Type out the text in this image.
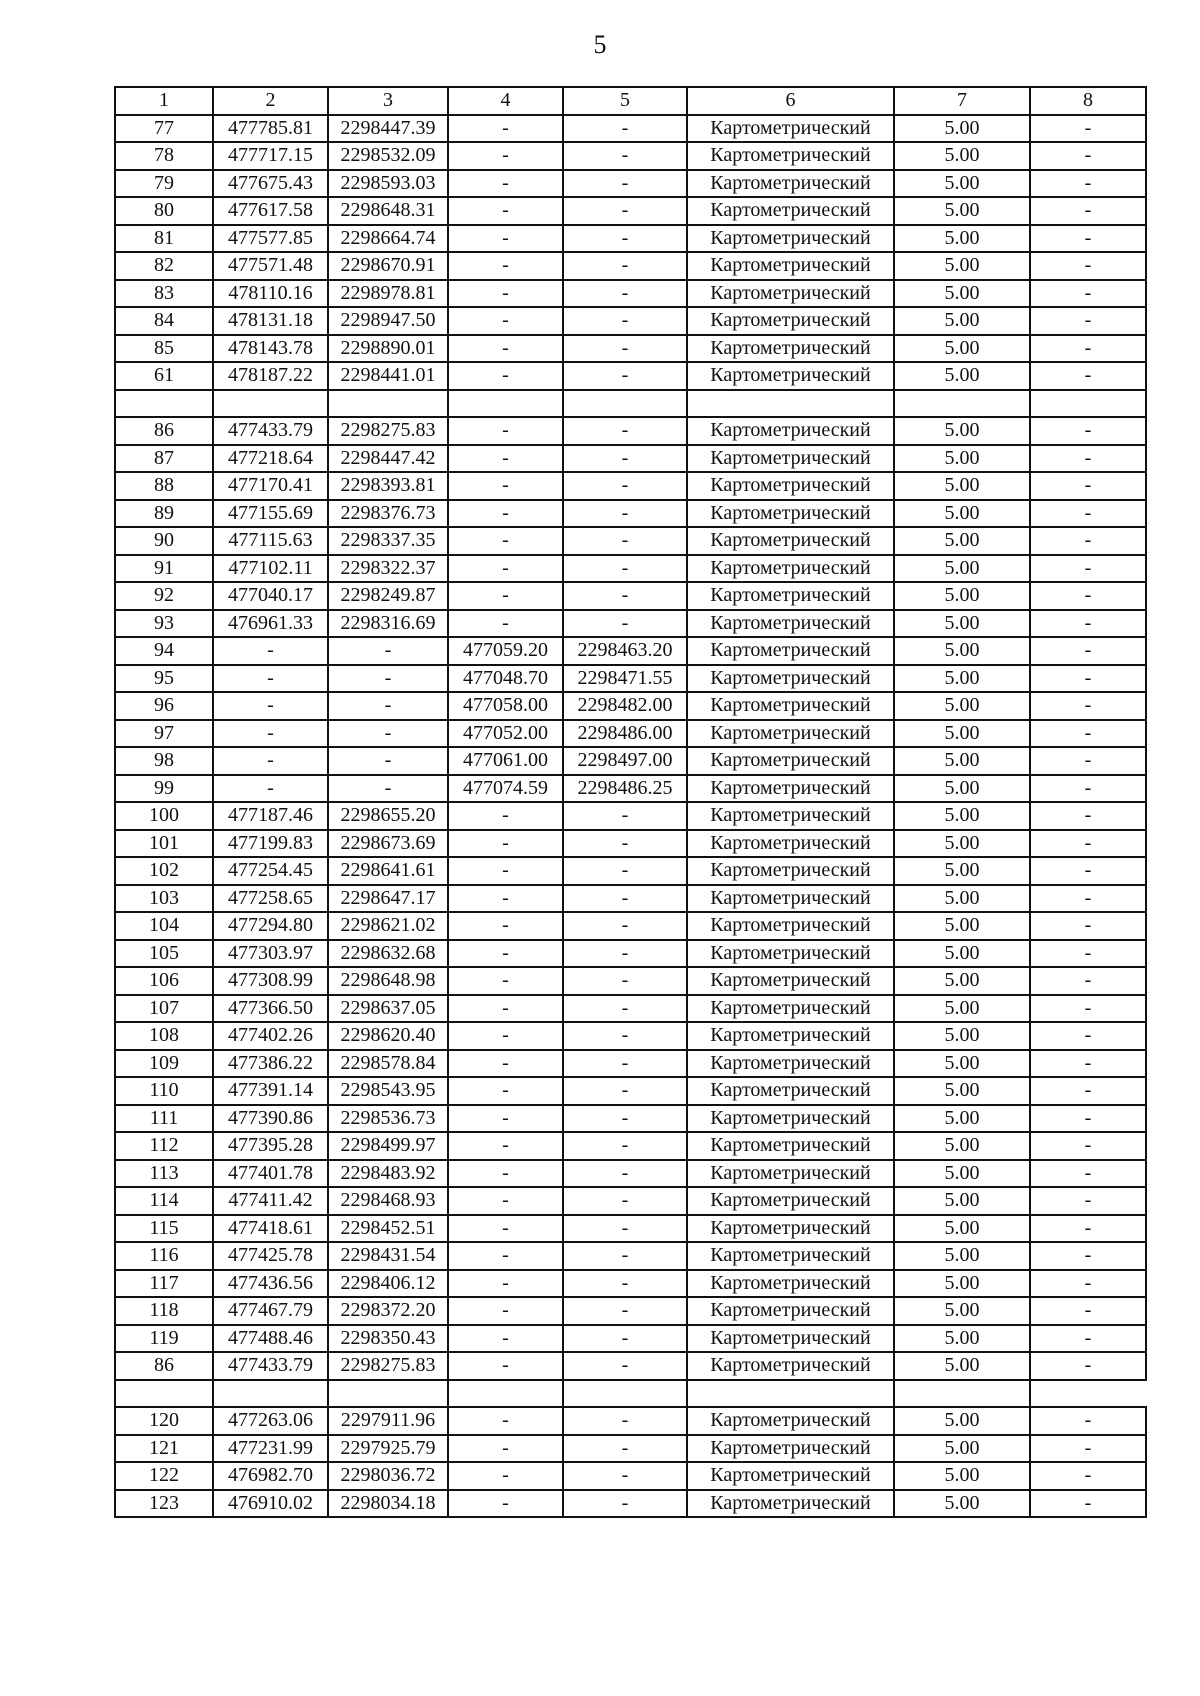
5
1	2	3	4	5	6	7	8
77	477785.81	2298447.39	-	-	Картометрический	5.00	-
78	477717.15	2298532.09	-	-	Картометрический	5.00	-
79	477675.43	2298593.03	-	-	Картометрический	5.00	-
80	477617.58	2298648.31	-	-	Картометрический	5.00	-
81	477577.85	2298664.74	-	-	Картометрический	5.00	-
82	477571.48	2298670.91	-	-	Картометрический	5.00	-
83	478110.16	2298978.81	-	-	Картометрический	5.00	-
84	478131.18	2298947.50	-	-	Картометрический	5.00	-
85	478143.78	2298890.01	-	-	Картометрический	5.00	-
61	478187.22	2298441.01	-	-	Картометрический	5.00	-

86	477433.79	2298275.83	-	-	Картометрический	5.00	-
87	477218.64	2298447.42	-	-	Картометрический	5.00	-
88	477170.41	2298393.81	-	-	Картометрический	5.00	-
89	477155.69	2298376.73	-	-	Картометрический	5.00	-
90	477115.63	2298337.35	-	-	Картометрический	5.00	-
91	477102.11	2298322.37	-	-	Картометрический	5.00	-
92	477040.17	2298249.87	-	-	Картометрический	5.00	-
93	476961.33	2298316.69	-	-	Картометрический	5.00	-
94	-	-	477059.20	2298463.20	Картометрический	5.00	-
95	-	-	477048.70	2298471.55	Картометрический	5.00	-
96	-	-	477058.00	2298482.00	Картометрический	5.00	-
97	-	-	477052.00	2298486.00	Картометрический	5.00	-
98	-	-	477061.00	2298497.00	Картометрический	5.00	-
99	-	-	477074.59	2298486.25	Картометрический	5.00	-
100	477187.46	2298655.20	-	-	Картометрический	5.00	-
101	477199.83	2298673.69	-	-	Картометрический	5.00	-
102	477254.45	2298641.61	-	-	Картометрический	5.00	-
103	477258.65	2298647.17	-	-	Картометрический	5.00	-
104	477294.80	2298621.02	-	-	Картометрический	5.00	-
105	477303.97	2298632.68	-	-	Картометрический	5.00	-
106	477308.99	2298648.98	-	-	Картометрический	5.00	-
107	477366.50	2298637.05	-	-	Картометрический	5.00	-
108	477402.26	2298620.40	-	-	Картометрический	5.00	-
109	477386.22	2298578.84	-	-	Картометрический	5.00	-
110	477391.14	2298543.95	-	-	Картометрический	5.00	-
111	477390.86	2298536.73	-	-	Картометрический	5.00	-
112	477395.28	2298499.97	-	-	Картометрический	5.00	-
113	477401.78	2298483.92	-	-	Картометрический	5.00	-
114	477411.42	2298468.93	-	-	Картометрический	5.00	-
115	477418.61	2298452.51	-	-	Картометрический	5.00	-
116	477425.78	2298431.54	-	-	Картометрический	5.00	-
117	477436.56	2298406.12	-	-	Картометрический	5.00	-
118	477467.79	2298372.20	-	-	Картометрический	5.00	-
119	477488.46	2298350.43	-	-	Картометрический	5.00	-
86	477433.79	2298275.83	-	-	Картометрический	5.00	-

120	477263.06	2297911.96	-	-	Картометрический	5.00	-
121	477231.99	2297925.79	-	-	Картометрический	5.00	-
122	476982.70	2298036.72	-	-	Картометрический	5.00	-
123	476910.02	2298034.18	-	-	Картометрический	5.00	-
